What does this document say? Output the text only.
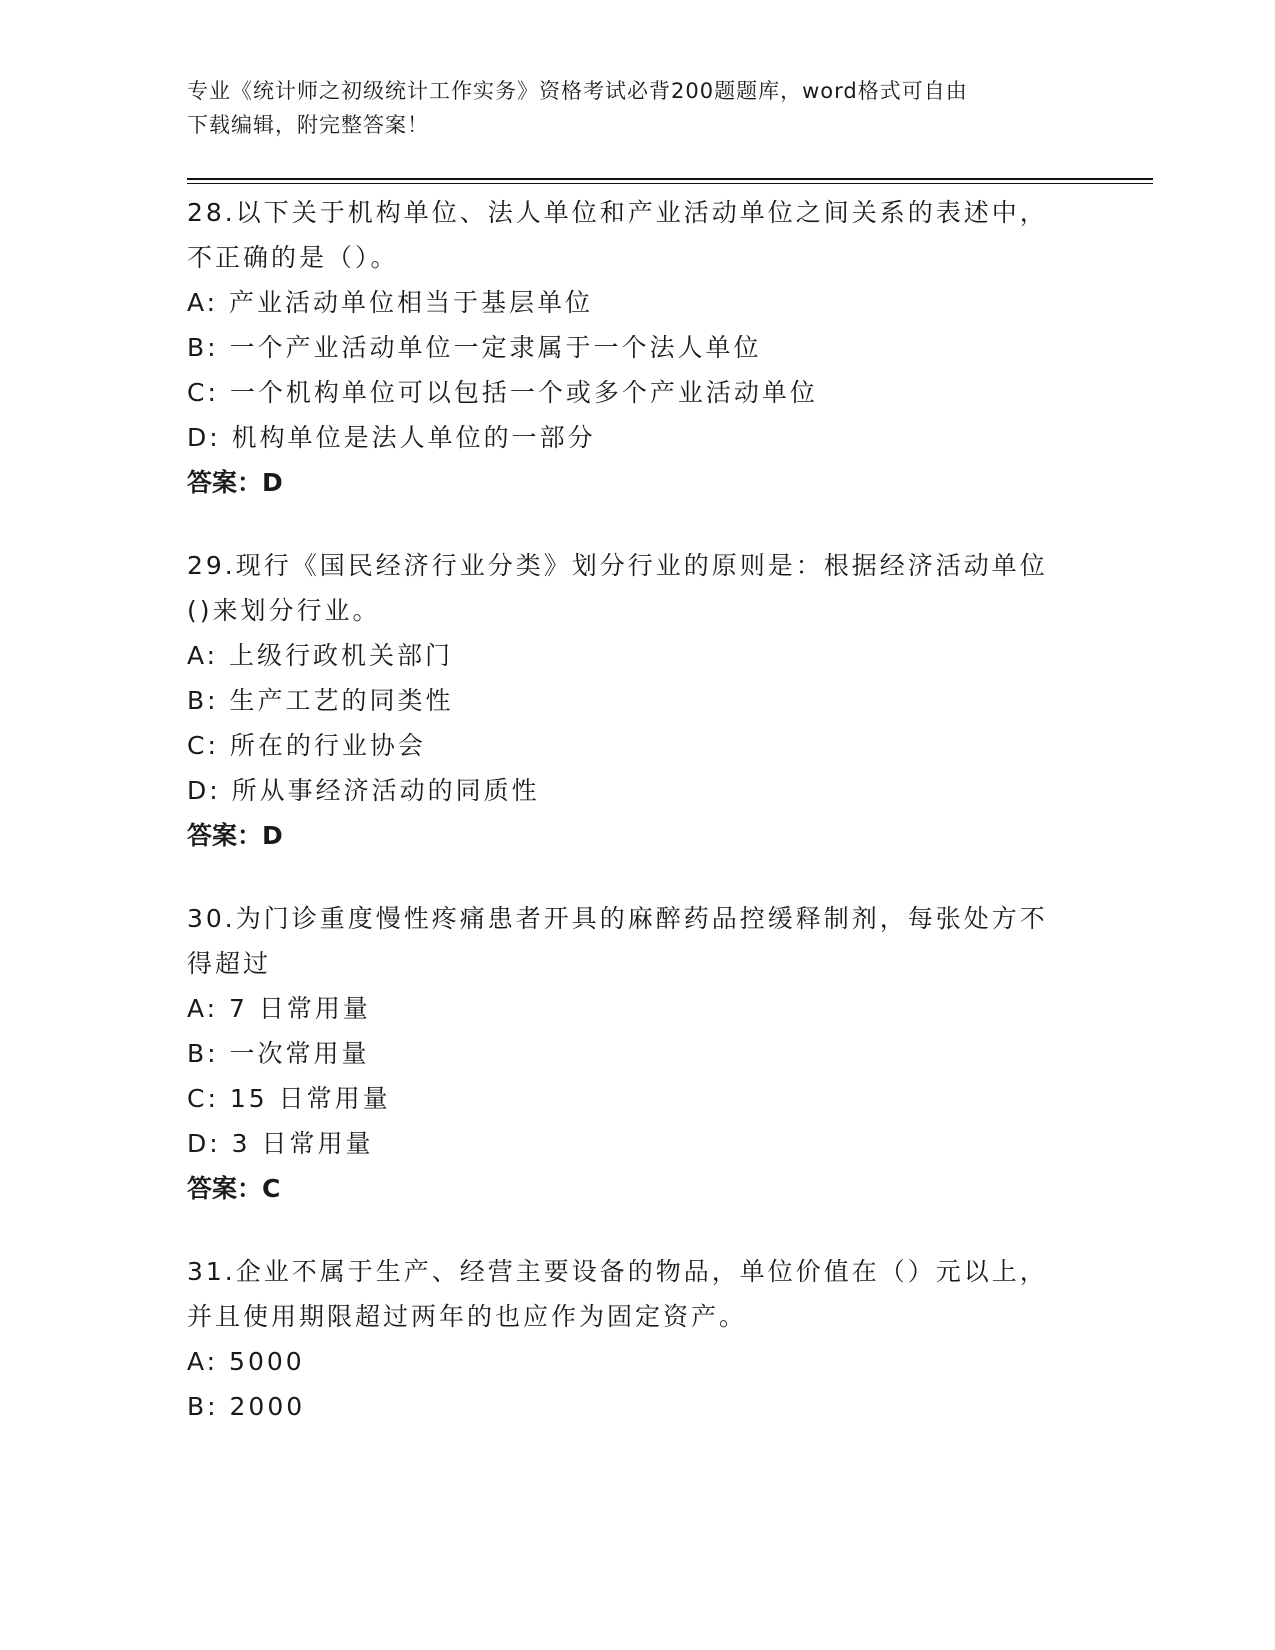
专业《统计师之初级统计工作实务》资格考试必背200题题库，word格式可自由
下载编辑，附完整答案！

28.以下关于机构单位、法人单位和产业活动单位之间关系的表述中，

不正确的是（）。

A: 产业活动单位相当于基层单位

B: 一个产业活动单位一定隶属于一个法人单位

C: 一个机构单位可以包括一个或多个产业活动单位

D: 机构单位是法人单位的一部分

答案：D

29.现行《国民经济行业分类》划分行业的原则是：根据经济活动单位

()来划分行业。

A: 上级行政机关部门

B: 生产工艺的同类性

C: 所在的行业协会

D: 所从事经济活动的同质性

答案：D

30.为门诊重度慢性疼痛患者开具的麻醉药品控缓释制剂，每张处方不

得超过

A: 7 日常用量

B: 一次常用量

C: 15 日常用量

D: 3 日常用量

答案：C

31.企业不属于生产、经营主要设备的物品，单位价值在（）元以上，

并且使用期限超过两年的也应作为固定资产。

A: 5000

B: 2000
